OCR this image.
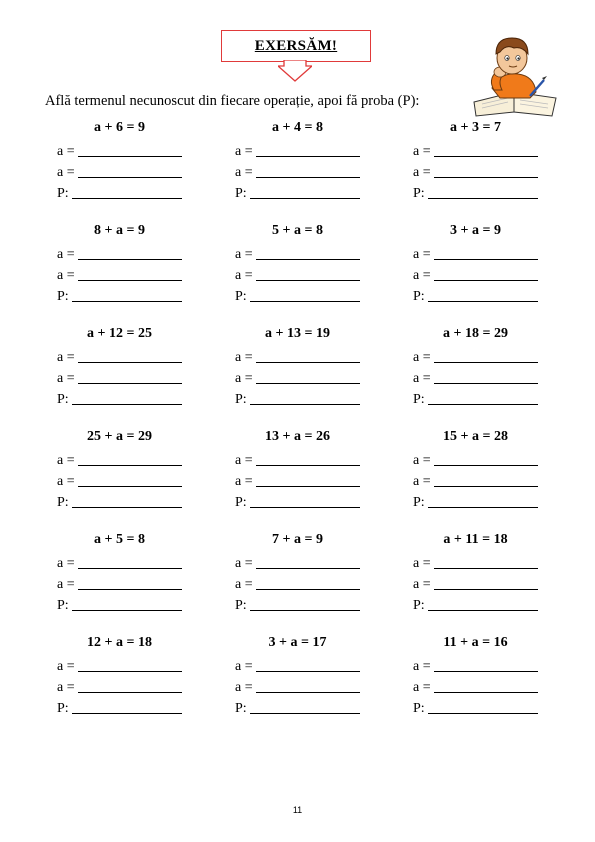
EXERSĂM!
Află termenul necunoscut din fiecare operație, apoi fă proba (P):
a + 6 = 9
a =
a =
P:
a + 4 = 8
a =
a =
P:
a + 3 = 7
a =
a =
P:
8 + a = 9
a =
a =
P:
5 + a = 8
a =
a =
P:
3 + a = 9
a =
a =
P:
a + 12 = 25
a =
a =
P:
a + 13 = 19
a =
a =
P:
a + 18 = 29
a =
a =
P:
25 + a = 29
a =
a =
P:
13 + a = 26
a =
a =
P:
15 + a = 28
a =
a =
P:
a + 5 = 8
a =
a =
P:
7 + a = 9
a =
a =
P:
a + 11 = 18
a =
a =
P:
12 + a = 18
a =
a =
P:
3 + a = 17
a =
a =
P:
11 + a = 16
a =
a =
P:
11
